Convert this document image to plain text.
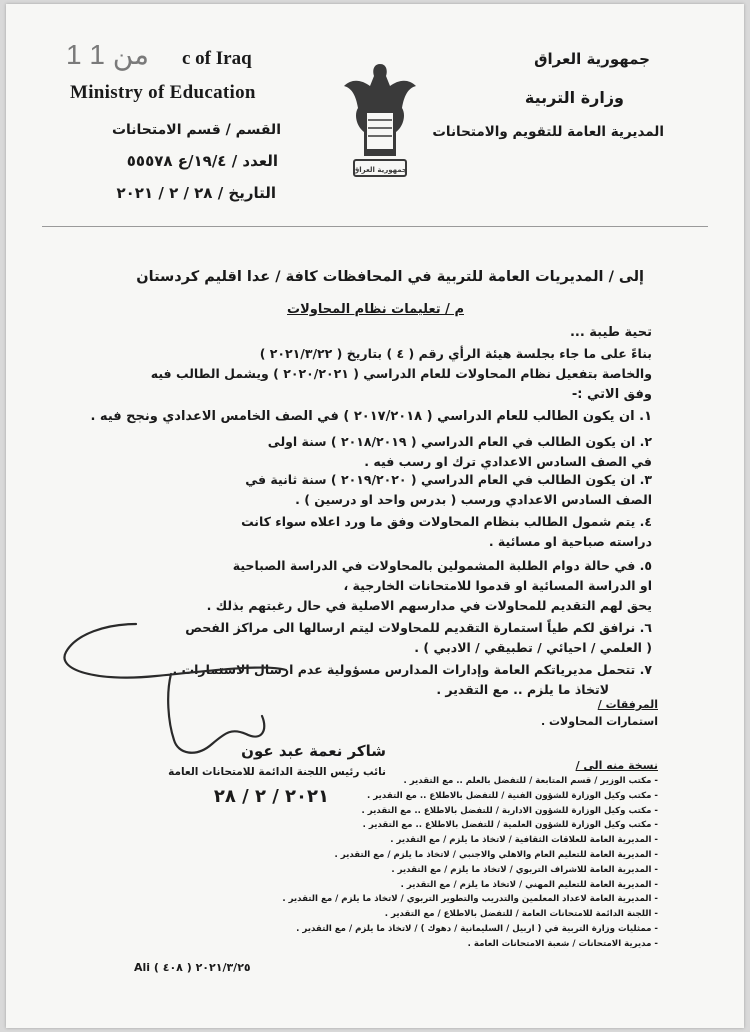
1 من 1 c of Iraq
Ministry of Education
جمهورية العراق
وزارة التربية
المديرية العامة للتقويم والامتحانات
القسم / قسم الامتحانات
العدد / ١٩/٤/ع ٥٥٥٧٨
التاريخ / ٢٨ / ٢ / ٢٠٢١
جمهورية العراق
إلى / المديريات العامة للتربية في المحافظات كافة / عدا اقليم كردستان
م / تعليمات نظام المحاولات
تحية طيبة ...
بناءً على ما جاء بجلسة هيئة الرأي رقم ( ٤ ) بتاريخ ( ٢٠٢١/٣/٢٢ )
والخاصة بتفعيل نظام المحاولات للعام الدراسي ( ٢٠٢٠/٢٠٢١ ) ويشمل الطالب فيه
وفق الاتي :-
١. ان يكون الطالب للعام الدراسي ( ٢٠١٧/٢٠١٨ ) في الصف الخامس الاعدادي ونجح فيه .
٢. ان يكون الطالب في العام الدراسي ( ٢٠١٨/٢٠١٩ ) سنة اولى
في الصف السادس الاعدادي ترك او رسب فيه .
٣. ان يكون الطالب في العام الدراسي ( ٢٠١٩/٢٠٢٠ ) سنة ثانية في
الصف السادس الاعدادي ورسب ( بدرس واحد او درسين ) .
٤. يتم شمول الطالب بنظام المحاولات وفق ما ورد اعلاه سواء كانت
دراسته صباحية او مسائية .
٥. في حالة دوام الطلبة المشمولين بالمحاولات في الدراسة الصباحية
او الدراسة المسائية او قدموا للامتحانات الخارجية ،
يحق لهم التقديم للمحاولات في مدارسهم الاصلية في حال رغبتهم بذلك .
٦. نرافق لكم طياً استمارة التقديم للمحاولات ليتم ارسالها الى مراكز الفحص
( العلمي / احيائي / تطبيقي / الادبي ) .
٧. تتحمل مديرياتكم العامة وإدارات المدارس مسؤولية عدم ارسال الاستمارات .
لاتخاذ ما يلزم .. مع التقدير .
المرفقات /
استمارات المحاولات .
شاكر نعمة عبد عون
نائب رئيس اللجنة الدائمة للامتحانات العامة
٢٠٢١ / ٢ / ٢٨
نسخة منه الى /
- مكتب الوزير / قسم المتابعة / للتفضل بالعلم .. مع التقدير .
- مكتب وكيل الوزارة للشؤون الفنية / للتفضل بالاطلاع .. مع التقدير .
- مكتب وكيل الوزارة للشؤون الادارية / للتفضل بالاطلاع .. مع التقدير .
- مكتب وكيل الوزارة للشؤون العلمية / للتفضل بالاطلاع .. مع التقدير .
- المديرية العامة للعلاقات الثقافية / لاتخاذ ما يلزم / مع التقدير .
- المديرية العامة للتعليم العام والاهلي والاجنبي / لاتخاذ ما يلزم / مع التقدير .
- المديرية العامة للاشراف التربوي / لاتخاذ ما يلزم / مع التقدير .
- المديرية العامة للتعليم المهني / لاتخاذ ما يلزم / مع التقدير .
- المديرية العامة لاعداد المعلمين والتدريب والتطوير التربوي / لاتخاذ ما يلزم / مع التقدير .
- اللجنة الدائمة للامتحانات العامة / للتفضل بالاطلاع / مع التقدير .
- ممثليات وزارة التربية في ( اربيل / السليمانية / دهوك ) / لاتخاذ ما يلزم / مع التقدير .
- مديرية الامتحانات / شعبة الامتحانات العامة .
Ali ٢٠٢١/٣/٢٥ ( ٤٠٨ )
